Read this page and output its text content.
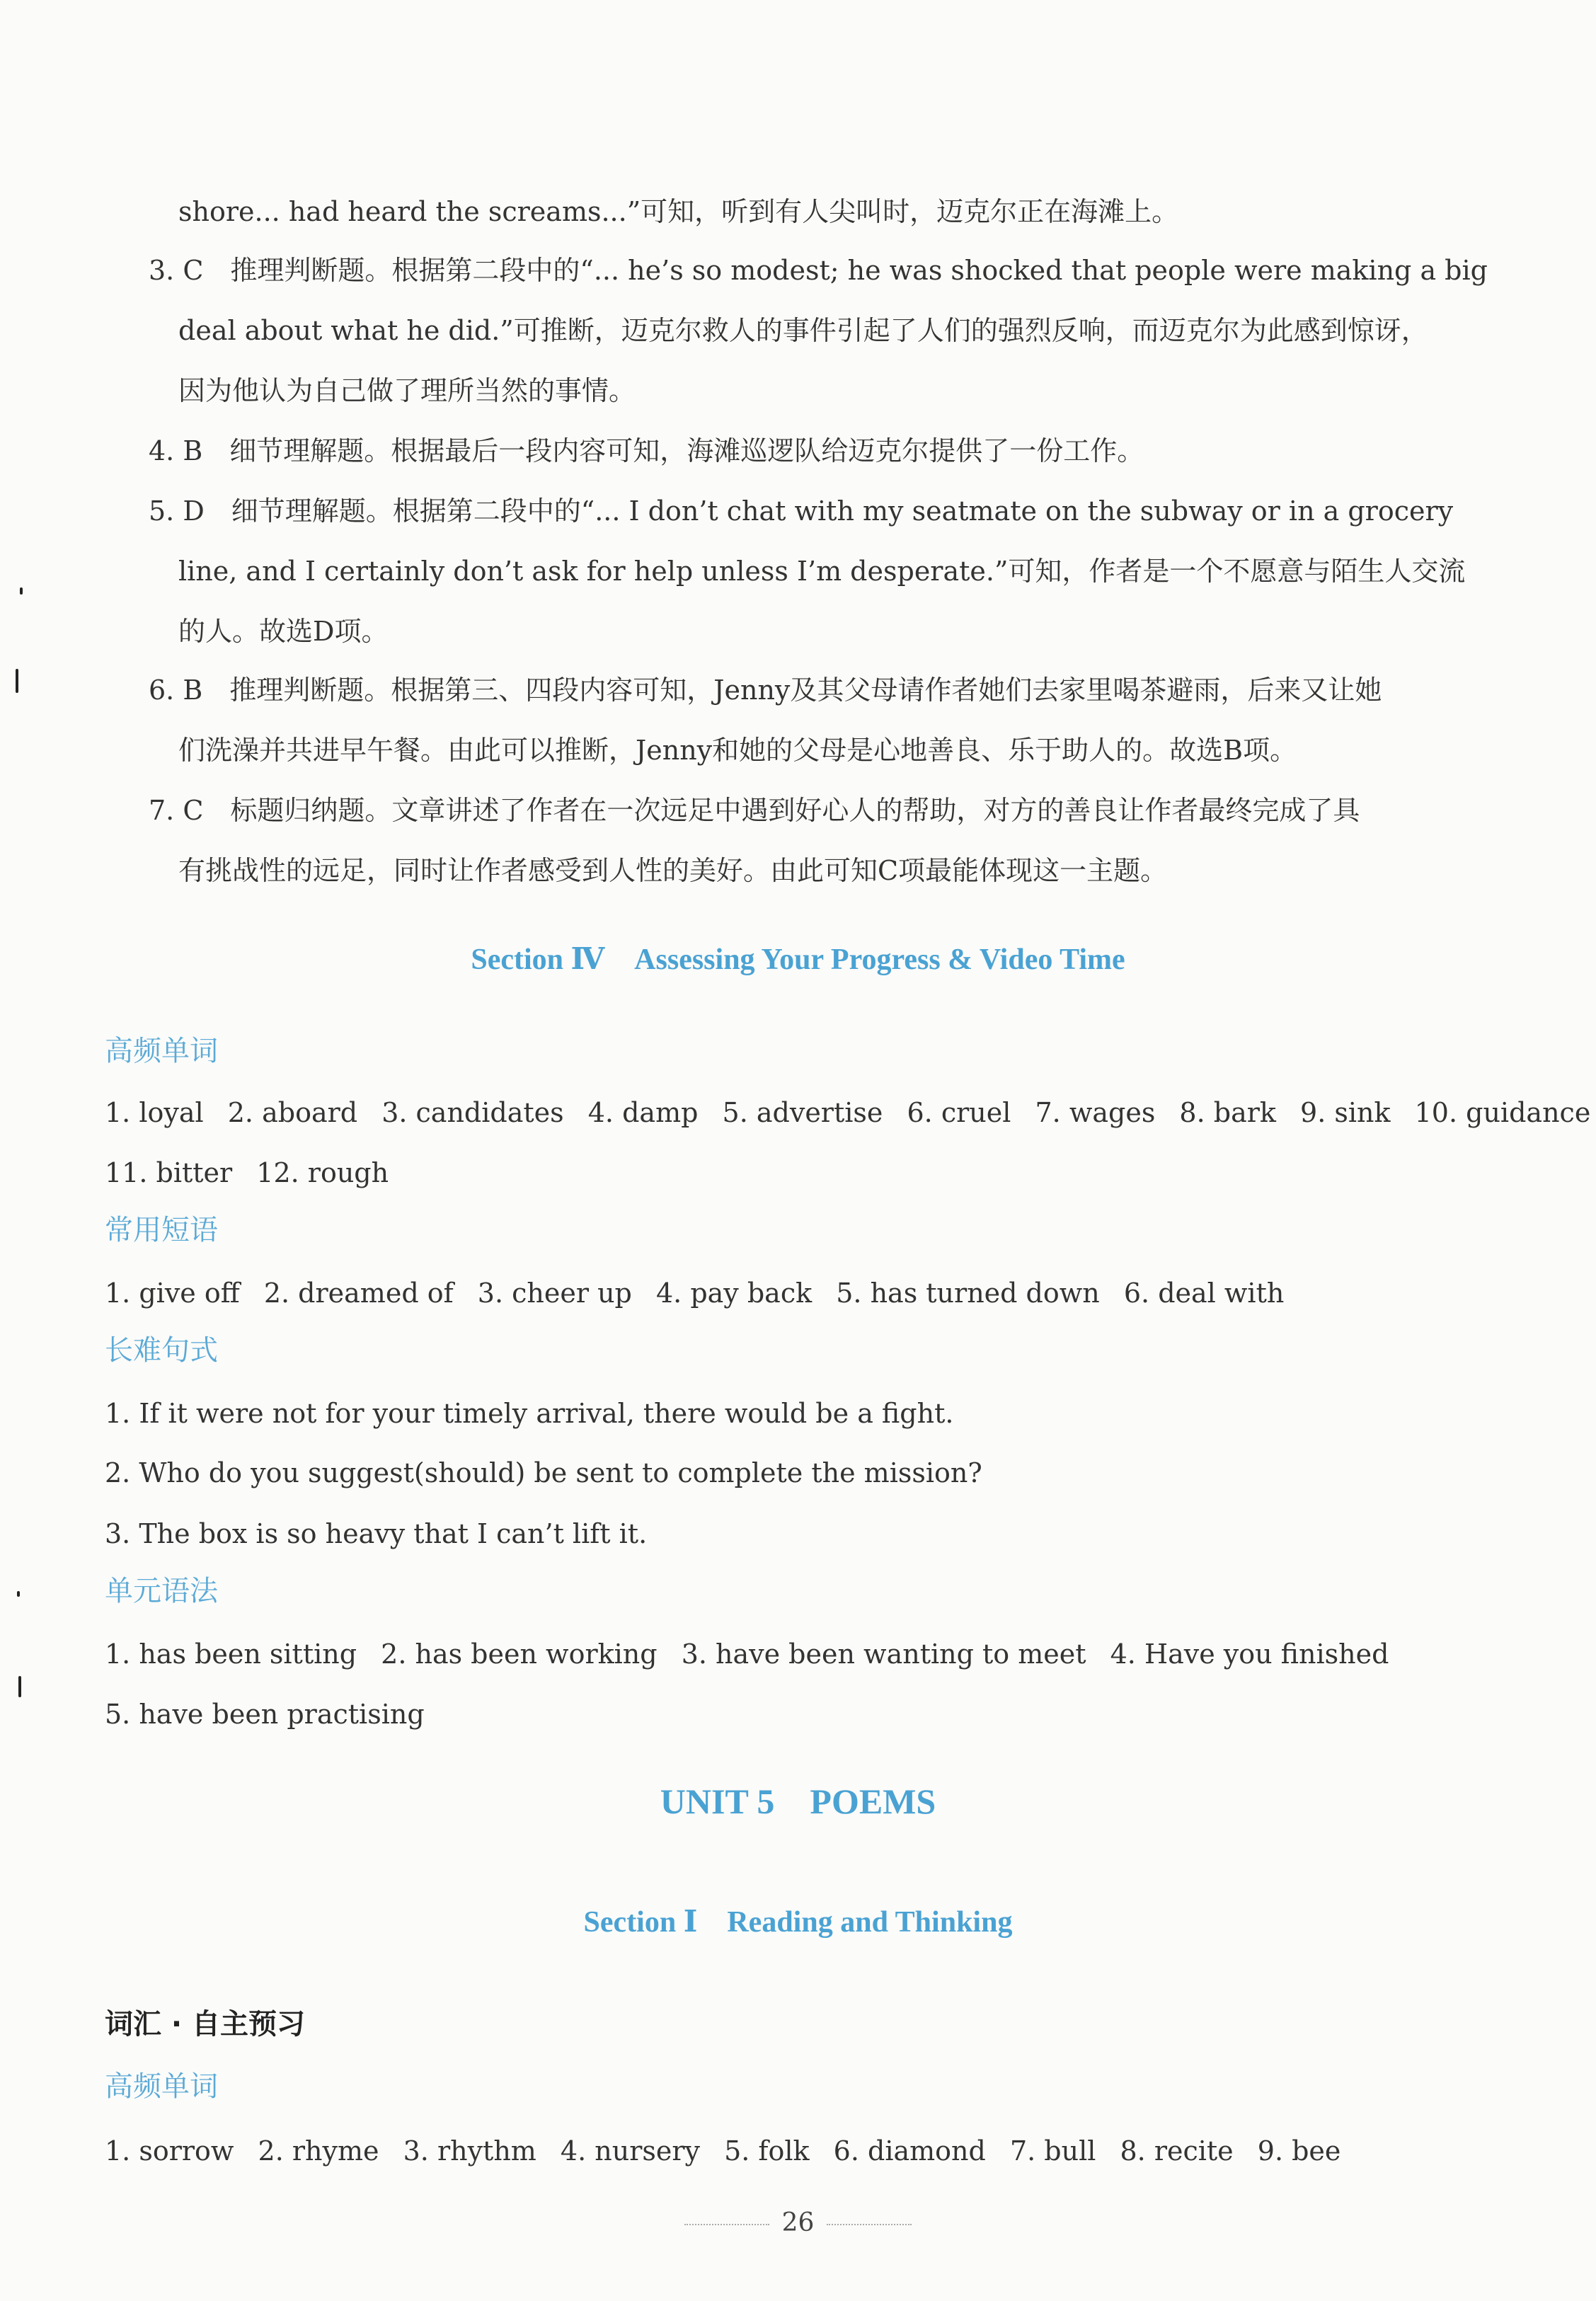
shore... had heard the screams...”可知，听到有人尖叫时，迈克尔正在海滩上。
3. C　推理判断题。根据第二段中的“... he’s so modest; he was shocked that people were making a big
deal about what he did.”可推断，迈克尔救人的事件引起了人们的强烈反响，而迈克尔为此感到惊讶，
因为他认为自己做了理所当然的事情。
4. B　细节理解题。根据最后一段内容可知，海滩巡逻队给迈克尔提供了一份工作。
5. D　细节理解题。根据第二段中的“... I don’t chat with my seatmate on the subway or in a grocery
line, and I certainly don’t ask for help unless I’m desperate.”可知，作者是一个不愿意与陌生人交流
的人。故选D项。
6. B　推理判断题。根据第三、四段内容可知，Jenny及其父母请作者她们去家里喝茶避雨，后来又让她
们洗澡并共进早午餐。由此可以推断，Jenny和她的父母是心地善良、乐于助人的。故选B项。
7. C　标题归纳题。文章讲述了作者在一次远足中遇到好心人的帮助，对方的善良让作者最终完成了具
有挑战性的远足，同时让作者感受到人性的美好。由此可知C项最能体现这一主题。
Section Ⅳ　Assessing Your Progress & Video Time
高频单词
1. loyal 2. aboard 3. candidates 4. damp 5. advertise 6. cruel 7. wages 8. bark 9. sink 10. guidance
11. bitter 12. rough
常用短语
1. give off 2. dreamed of 3. cheer up 4. pay back 5. has turned down 6. deal with
长难句式
1. If it were not for your timely arrival, there would be a fight.
2. Who do you suggest(should) be sent to complete the mission?
3. The box is so heavy that I can’t lift it.
单元语法
1. has been sitting 2. has been working 3. have been wanting to meet 4. Have you finished
5. have been practising
UNIT 5　POEMS
Section Ⅰ　Reading and Thinking
词汇 · 自主预习
高频单词
1. sorrow 2. rhyme 3. rhythm 4. nursery 5. folk 6. diamond 7. bull 8. recite 9. bee
26
